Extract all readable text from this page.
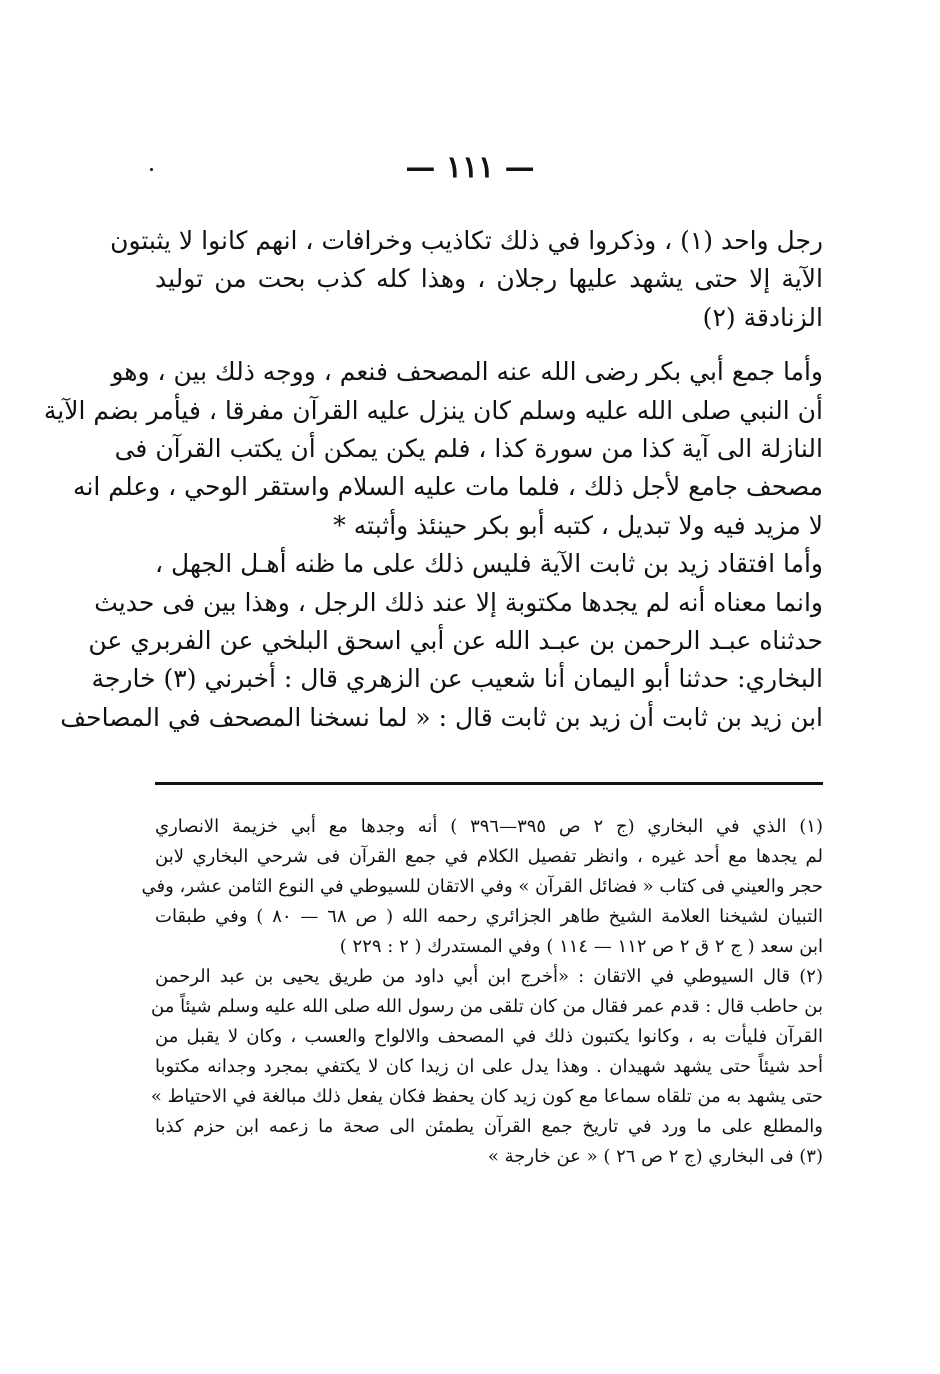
— ١١١ —
رجل واحد (١) ، وذكروا في ذلك تكاذيب وخرافات ، انهم كانوا لا يثبتون
الآية إلا حتى يشهد عليها رجلان ، وهذا كله كذب بحت من توليد
الزنادقة (٢)
وأما جمع أبي بكر رضى الله عنه المصحف فنعم ، ووجه ذلك بين ، وهو
أن النبي صلى الله عليه وسلم كان ينزل عليه القرآن مفرقا ، فيأمر بضم الآية
النازلة الى آية كذا من سورة كذا ، فلم يكن يمكن أن يكتب القرآن فى
مصحف جامع لأجل ذلك ، فلما مات عليه السلام واستقر الوحي ، وعلم انه
لا مزيد فيه ولا تبديل ، كتبه أبو بكر حينئذ وأثبته *
وأما افتقاد زيد بن ثابت الآية فليس ذلك على ما ظنه أهـل الجهل ،
وانما معناه أنه لم يجدها مكتوبة إلا عند ذلك الرجل ، وهذا بين فى حديث
حدثناه عبـد الرحمن بن عبـد الله عن أبي اسحق البلخي عن الفربري عن
البخاري: حدثنا أبو اليمان أنا شعيب عن الزهري قال : أخبرني (٣) خارجة
ابن زيد بن ثابت أن زيد بن ثابت قال : « لما نسخنا المصحف في المصاحف
(١) الذي في البخاري (ج ٢ ص ٣٩٥—٣٩٦ ) أنه وجدها مع أبي خزيمة الانصاري
لم يجدها مع أحد غيره ، وانظر تفصيل الكلام في جمع القرآن فى شرحي البخاري لابن
حجر والعيني فى كتاب « فضائل القرآن » وفي الاتقان للسيوطي في النوع الثامن عشر، وفي
التبيان لشيخنا العلامة الشيخ طاهر الجزائري رحمه الله ( ص ٦٨ — ٨٠ ) وفي طبقات
ابن سعد ( ج ٢ ق ٢ ص ١١٢ — ١١٤ ) وفي المستدرك ( ٢ : ٢٢٩ )
(٢) قال السيوطي في الاتقان : «أخرج ابن أبي داود من طريق يحيى بن عبد الرحمن
بن حاطب قال : قدم عمر فقال من كان تلقى من رسول الله صلى الله عليه وسلم شيئاً من
القرآن فليأت به ، وكانوا يكتبون ذلك في المصحف والالواح والعسب ، وكان لا يقبل من
أحد شيئاً حتى يشهد شهيدان . وهذا يدل على ان زيدا كان لا يكتفي بمجرد وجدانه مكتوبا
حتى يشهد به من تلقاه سماعا مع كون زيد كان يحفظ فكان يفعل ذلك مبالغة في الاحتياط »
والمطلع على ما ورد في تاريخ جمع القرآن يطمئن الى صحة ما زعمه ابن حزم كذبا
(٣) فى البخاري (ج ٢ ص ٢٦ ) « عن خارجة »
